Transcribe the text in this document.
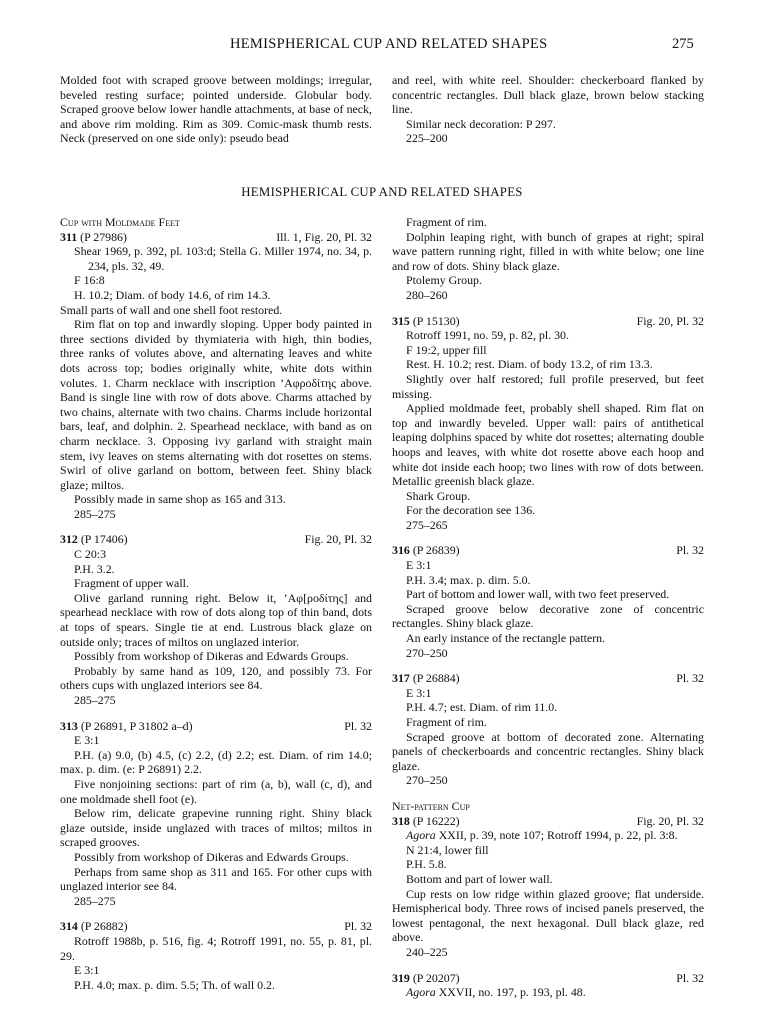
HEMISPHERICAL CUP AND RELATED SHAPES	275

Molded foot with scraped groove between moldings; irregular, beveled resting surface; pointed underside. Globular body. Scraped groove below lower handle attachments, at base of neck, and above rim molding. Rim as 309. Comic-mask thumb rests. Neck (preserved on one side only): pseudo bead

and reel, with white reel. Shoulder: checkerboard flanked by concentric rectangles. Dull black glaze, brown below stacking line.

Similar neck decoration: P 297.

225–200

HEMISPHERICAL CUP AND RELATED SHAPES

Cup with Moldmade Feet

311 (P 27986)	Ill. 1, Fig. 20, Pl. 32

Shear 1969, p. 392, pl. 103:d; Stella G. Miller 1974, no. 34, p. 234, pls. 32, 49.

F 16:8

H. 10.2; Diam. of body 14.6, of rim 14.3.

Small parts of wall and one shell foot restored.

Rim flat on top and inwardly sloping. Upper body painted in three sections divided by thymiateria with high, thin bodies, three ranks of volutes above, and alternating leaves and white dots across top; bodies originally white, white dots within volutes. 1. Charm necklace with inscription ’Αφροδίτης above. Band is single line with row of dots above. Charms attached by two chains, alternate with two chains. Charms include horizontal bars, leaf, and dolphin. 2. Spearhead necklace, with band as on charm necklace. 3. Opposing ivy garland with straight main stem, ivy leaves on stems alternating with dot rosettes on stems. Swirl of olive garland on bottom, between feet. Shiny black glaze; miltos.

Possibly made in same shop as 165 and 313.

285–275

312 (P 17406)	Fig. 20, Pl. 32

C 20:3

P.H. 3.2.

Fragment of upper wall.

Olive garland running right. Below it, ’Αφ[ροδίτης] and spearhead necklace with row of dots along top of thin band, dots at tops of spears. Single tie at end. Lustrous black glaze on outside only; traces of miltos on unglazed interior.

Possibly from workshop of Dikeras and Edwards Groups.

Probably by same hand as 109, 120, and possibly 73. For others cups with unglazed interiors see 84.

285–275

313 (P 26891, P 31802 a–d)	Pl. 32

E 3:1

P.H. (a) 9.0, (b) 4.5, (c) 2.2, (d) 2.2; est. Diam. of rim 14.0; max. p. dim. (e: P 26891) 2.2.

Five nonjoining sections: part of rim (a, b), wall (c, d), and one moldmade shell foot (e).

Below rim, delicate grapevine running right. Shiny black glaze outside, inside unglazed with traces of miltos; miltos in scraped grooves.

Possibly from workshop of Dikeras and Edwards Groups.

Perhaps from same shop as 311 and 165. For other cups with unglazed interior see 84.

285–275

314 (P 26882)	Pl. 32

Rotroff 1988b, p. 516, fig. 4; Rotroff 1991, no. 55, p. 81, pl. 29.

E 3:1

P.H. 4.0; max. p. dim. 5.5; Th. of wall 0.2.

Fragment of rim.

Dolphin leaping right, with bunch of grapes at right; spiral wave pattern running right, filled in with white below; one line and row of dots. Shiny black glaze.

Ptolemy Group.

280–260

315 (P 15130)	Fig. 20, Pl. 32

Rotroff 1991, no. 59, p. 82, pl. 30.

F 19:2, upper fill

Rest. H. 10.2; rest. Diam. of body 13.2, of rim 13.3.

Slightly over half restored; full profile preserved, but feet missing.

Applied moldmade feet, probably shell shaped. Rim flat on top and inwardly beveled. Upper wall: pairs of antithetical leaping dolphins spaced by white dot rosettes; alternating double hoops and leaves, with white dot rosette above each hoop and white dot inside each hoop; two lines with row of dots between. Metallic greenish black glaze.

Shark Group.

For the decoration see 136.

275–265

316 (P 26839)	Pl. 32

E 3:1

P.H. 3.4; max. p. dim. 5.0.

Part of bottom and lower wall, with two feet preserved.

Scraped groove below decorative zone of concentric rectangles. Shiny black glaze.

An early instance of the rectangle pattern.

270–250

317 (P 26884)	Pl. 32

E 3:1

P.H. 4.7; est. Diam. of rim 11.0.

Fragment of rim.

Scraped groove at bottom of decorated zone. Alternating panels of checkerboards and concentric rectangles. Shiny black glaze.

270–250

Net-pattern Cup

318 (P 16222)	Fig. 20, Pl. 32

Agora XXII, p. 39, note 107; Rotroff 1994, p. 22, pl. 3:8.

N 21:4, lower fill

P.H. 5.8.

Bottom and part of lower wall.

Cup rests on low ridge within glazed groove; flat underside. Hemispherical body. Three rows of incised panels preserved, the lowest pentagonal, the next hexagonal. Dull black glaze, red above.

240–225

319 (P 20207)	Pl. 32

Agora XXVII, no. 197, p. 193, pl. 48.
